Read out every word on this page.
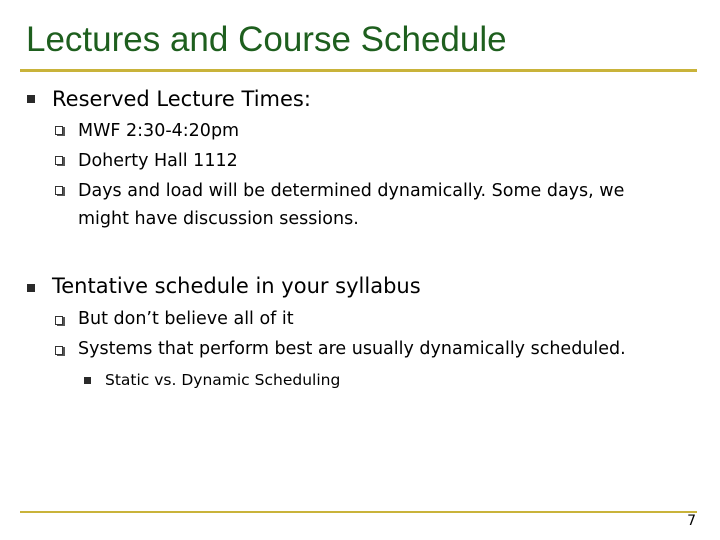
Lectures and Course Schedule
Reserved Lecture Times:
MWF 2:30-4:20pm
Doherty Hall 1112
Days and load will be determined dynamically. Some days, we
might have discussion sessions.
Tentative schedule in your syllabus
But don’t believe all of it
Systems that perform best are usually dynamically scheduled.
Static vs. Dynamic Scheduling
7
